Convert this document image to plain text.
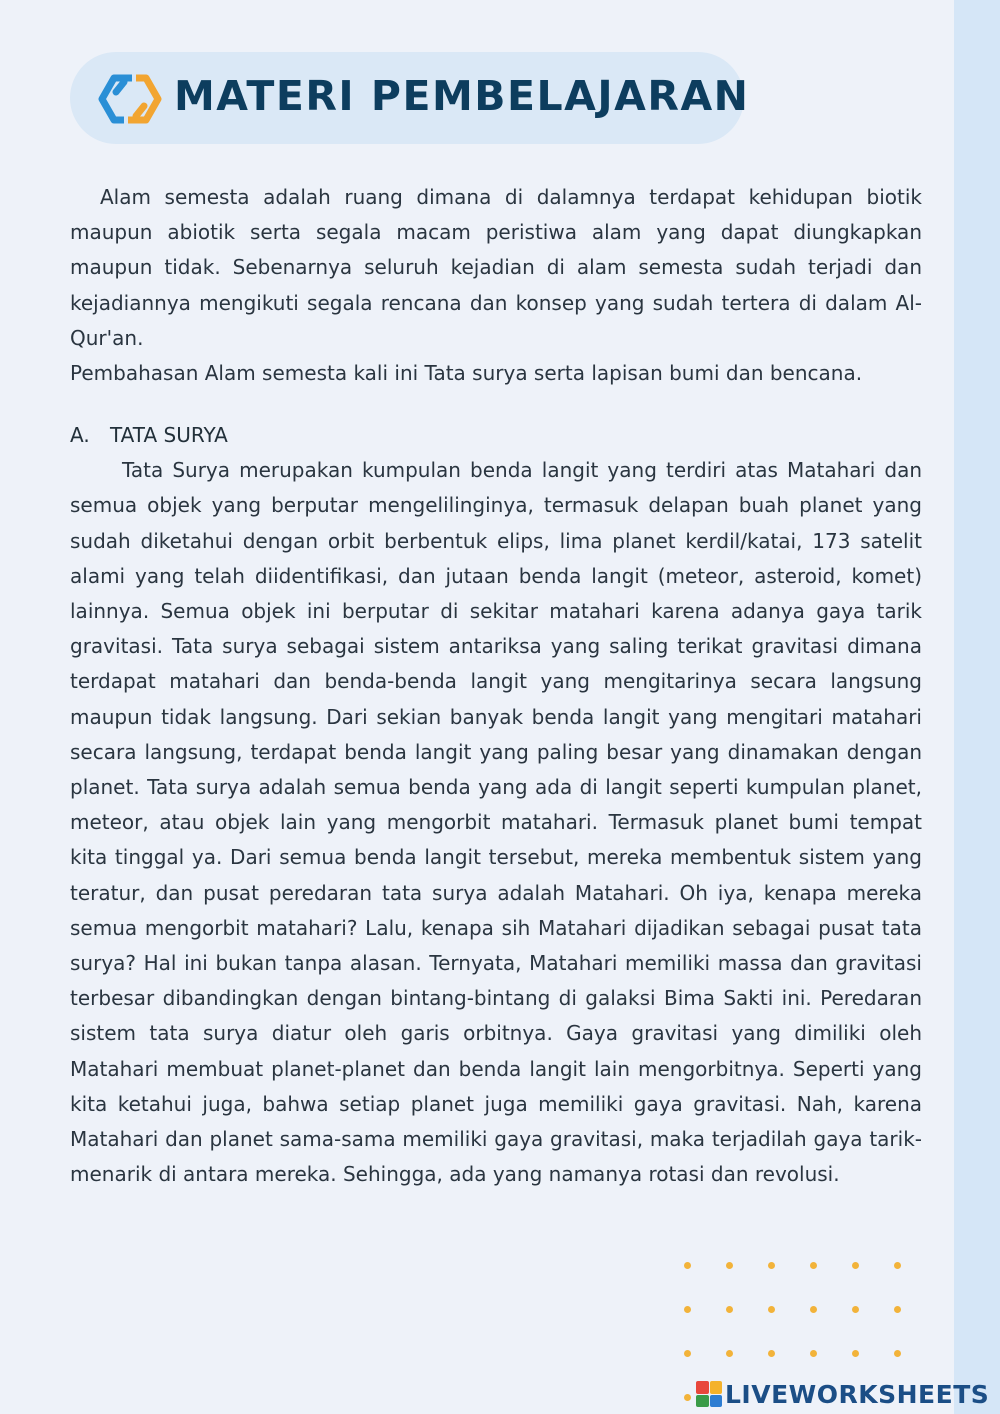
MATERI PEMBELAJARAN

Alam semesta adalah ruang dimana di dalamnya terdapat kehidupan biotik maupun abiotik serta segala macam peristiwa alam yang dapat diungkapkan maupun tidak. Sebenarnya seluruh kejadian di alam semesta sudah terjadi dan kejadiannya mengikuti segala rencana dan konsep yang sudah tertera di dalam Al-Qur'an.

Pembahasan Alam semesta kali ini Tata surya serta lapisan bumi dan bencana.

A.	TATA SURYA

Tata Surya merupakan kumpulan benda langit yang terdiri atas Matahari dan semua objek yang berputar mengelilinginya, termasuk delapan buah planet yang sudah diketahui dengan orbit berbentuk elips, lima planet kerdil/katai, 173 satelit alami yang telah diidentifikasi, dan jutaan benda langit (meteor, asteroid, komet) lainnya. Semua objek ini berputar di sekitar matahari karena adanya gaya tarik gravitasi. Tata surya sebagai sistem antariksa yang saling terikat gravitasi dimana terdapat matahari dan benda-benda langit yang mengitarinya secara langsung maupun tidak langsung. Dari sekian banyak benda langit yang mengitari matahari secara langsung, terdapat benda langit yang paling besar yang dinamakan dengan planet. Tata surya adalah semua benda yang ada di langit seperti kumpulan planet, meteor, atau objek lain yang mengorbit matahari. Termasuk planet bumi tempat kita tinggal ya. Dari semua benda langit tersebut, mereka membentuk sistem yang teratur, dan pusat peredaran tata surya adalah Matahari. Oh iya, kenapa mereka semua mengorbit matahari? Lalu, kenapa sih Matahari dijadikan sebagai pusat tata surya? Hal ini bukan tanpa alasan. Ternyata, Matahari memiliki massa dan gravitasi terbesar dibandingkan dengan bintang-bintang di galaksi Bima Sakti ini. Peredaran sistem tata surya diatur oleh garis orbitnya. Gaya gravitasi yang dimiliki oleh Matahari membuat planet-planet dan benda langit lain mengorbitnya. Seperti yang kita ketahui juga, bahwa setiap planet juga memiliki gaya gravitasi. Nah, karena Matahari dan planet sama-sama memiliki gaya gravitasi, maka terjadilah gaya tarik-menarik di antara mereka. Sehingga, ada yang namanya rotasi dan revolusi.

LIVEWORKSHEETS
